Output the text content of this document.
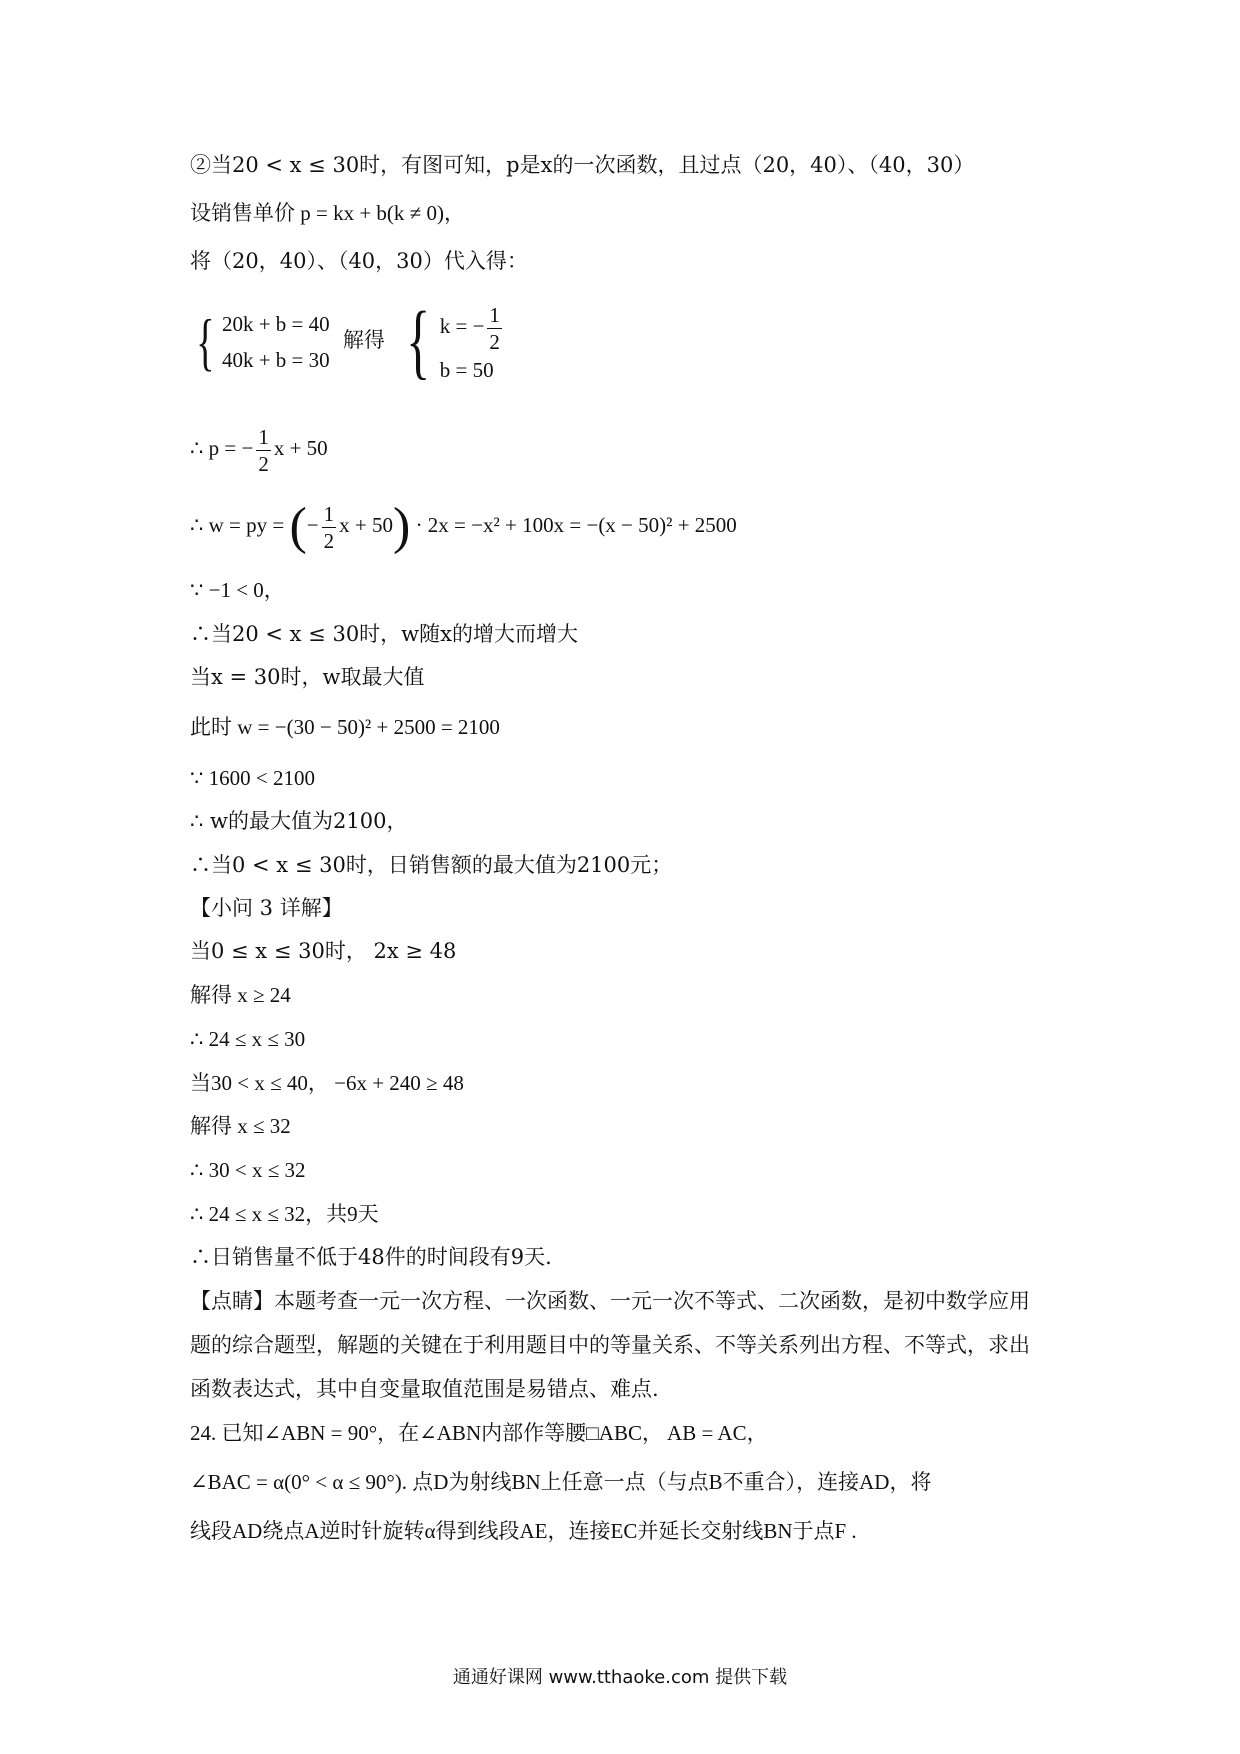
②当20 < x ≤ 30时，有图可知，p是x的一次函数，且过点（20，40）、（40，30）
设销售单价 p = kx + b(k ≠ 0)，
将（20，40）、（40，30）代入得：
{ 20k + b = 40
40k + b = 30
解得 { k = − $\frac{1}{2}$
b = 50
∴ p = − $\frac{1}{2}$ x + 50
∴ w = py = (− $\frac{1}{2}$ x + 50) · 2x = −x² + 100x = −(x − 50)² + 2500
∵ −1 < 0，
∴当20 < x ≤ 30时，w随x的增大而增大
当x = 30时，w取最大值
此时 w = −(30 − 50)² + 2500 = 2100
∵ 1600 < 2100
∴ w的最大值为2100，
∴当0 < x ≤ 30时，日销售额的最大值为2100元；
【小问 3 详解】
当0 ≤ x ≤ 30时， 2x ≥ 48
解得 x ≥ 24
∴ 24 ≤ x ≤ 30
当30 < x ≤ 40， −6x + 240 ≥ 48
解得 x ≤ 32
∴ 30 < x ≤ 32
∴ 24 ≤ x ≤ 32，共9天
∴日销售量不低于48件的时间段有9天.
【点睛】本题考查一元一次方程、一次函数、一元一次不等式、二次函数，是初中数学应用
题的综合题型，解题的关键在于利用题目中的等量关系、不等关系列出方程、不等式，求出
函数表达式，其中自变量取值范围是易错点、难点.
24. 已知∠ABN = 90°，在∠ABN内部作等腰□ABC， AB = AC，
∠BAC = α(0° < α ≤ 90°). 点D为射线BN上任意一点（与点B不重合），连接AD，将
线段AD绕点A逆时针旋转α得到线段AE，连接EC并延长交射线BN于点F .
通通好课网 www.tthaoke.com 提供下载
